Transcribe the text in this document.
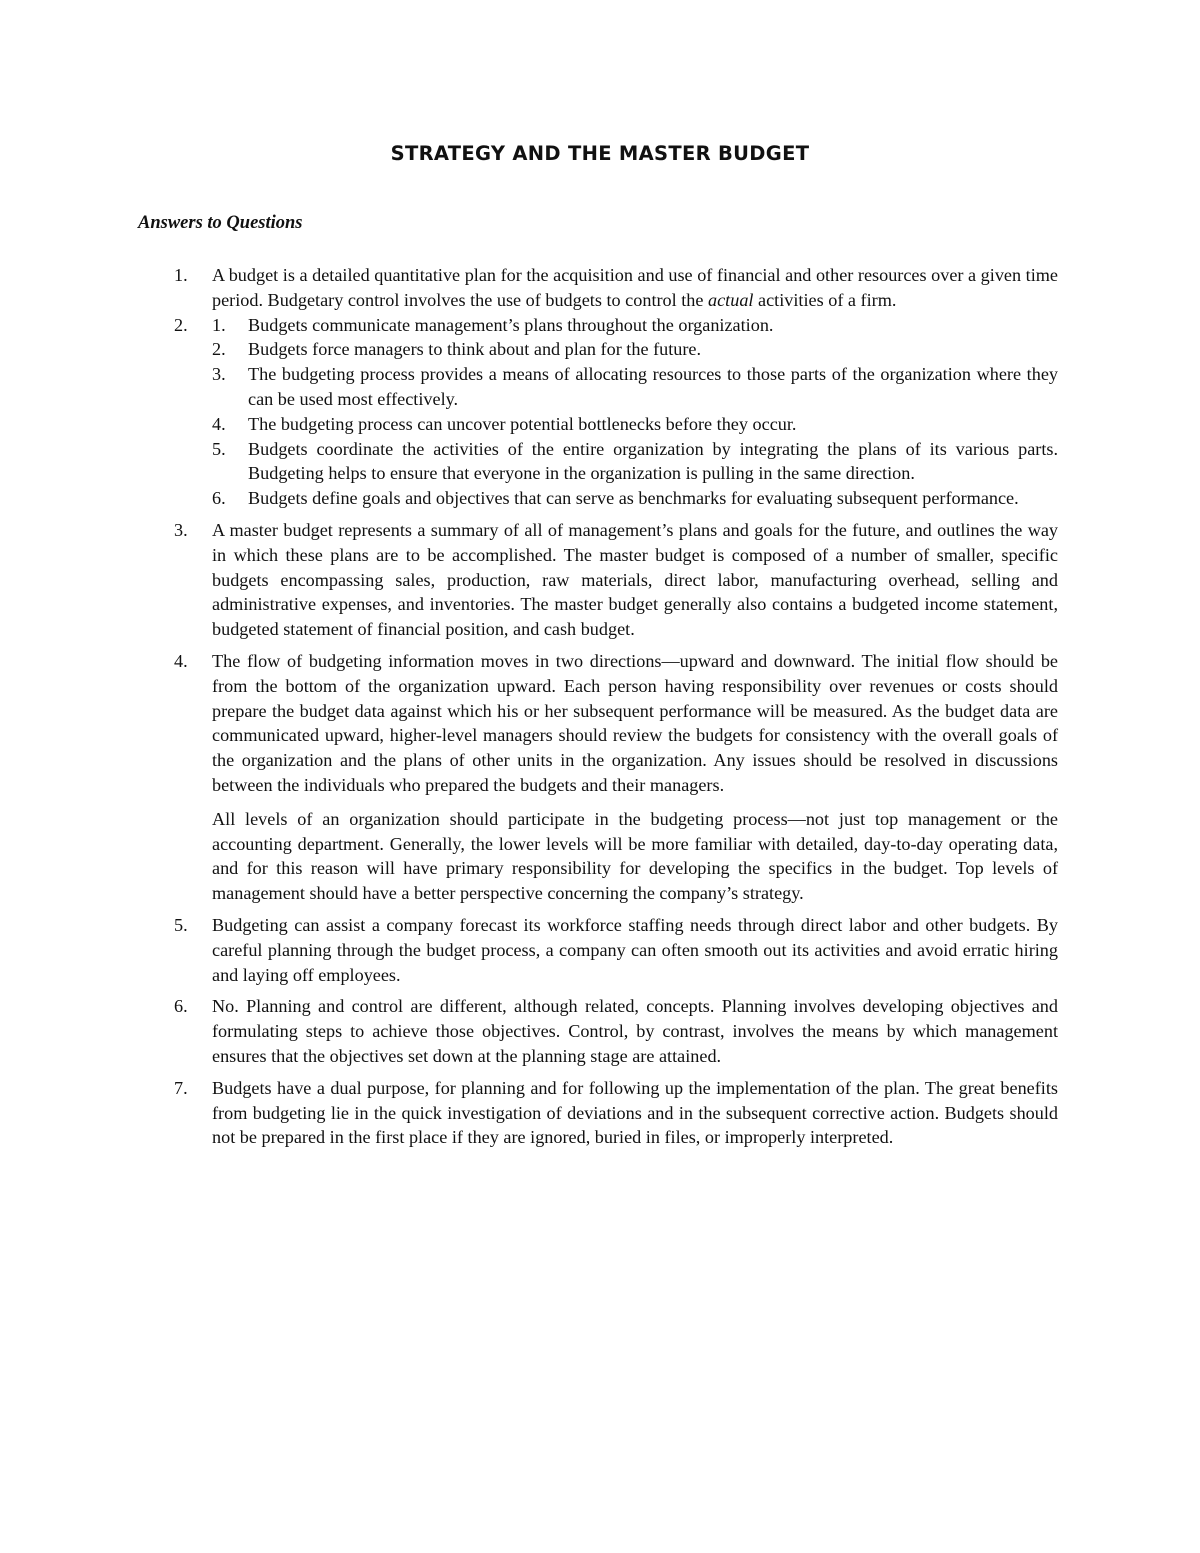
STRATEGY AND THE MASTER BUDGET
Answers to Questions
1.	A budget is a detailed quantitative plan for the acquisition and use of financial and other resources over a given time period. Budgetary control involves the use of budgets to control the actual activities of a firm.
2.	1.	Budgets communicate management’s plans throughout the organization.
2.	Budgets force managers to think about and plan for the future.
3.	The budgeting process provides a means of allocating resources to those parts of the organization where they can be used most effectively.
4.	The budgeting process can uncover potential bottlenecks before they occur.
5.	Budgets coordinate the activities of the entire organization by integrating the plans of its various parts. Budgeting helps to ensure that everyone in the organization is pulling in the same direction.
6.	Budgets define goals and objectives that can serve as benchmarks for evaluating subsequent performance.
3.	A master budget represents a summary of all of management’s plans and goals for the future, and outlines the way in which these plans are to be accomplished. The master budget is composed of a number of smaller, specific budgets encompassing sales, production, raw materials, direct labor, manufacturing overhead, selling and administrative expenses, and inventories. The master budget generally also contains a budgeted income statement, budgeted statement of financial position, and cash budget.
4.	The flow of budgeting information moves in two directions—upward and downward. The initial flow should be from the bottom of the organization upward. Each person having responsibility over revenues or costs should prepare the budget data against which his or her subsequent performance will be measured. As the budget data are communicated upward, higher-level managers should review the budgets for consistency with the overall goals of the organization and the plans of other units in the organization. Any issues should be resolved in discussions between the individuals who prepared the budgets and their managers.

All levels of an organization should participate in the budgeting process—not just top management or the accounting department. Generally, the lower levels will be more familiar with detailed, day-to-day operating data, and for this reason will have primary responsibility for developing the specifics in the budget. Top levels of management should have a better perspective concerning the company’s strategy.

5.	Budgeting can assist a company forecast its workforce staffing needs through direct labor and other budgets. By careful planning through the budget process, a company can often smooth out its activities and avoid erratic hiring and laying off employees.
6.	No. Planning and control are different, although related, concepts. Planning involves developing objectives and formulating steps to achieve those objectives. Control, by contrast, involves the means by which management ensures that the objectives set down at the planning stage are attained.
7.	Budgets have a dual purpose, for planning and for following up the implementation of the plan. The great benefits from budgeting lie in the quick investigation of deviations and in the subsequent corrective action. Budgets should not be prepared in the first place if they are ignored, buried in files, or improperly interpreted.
